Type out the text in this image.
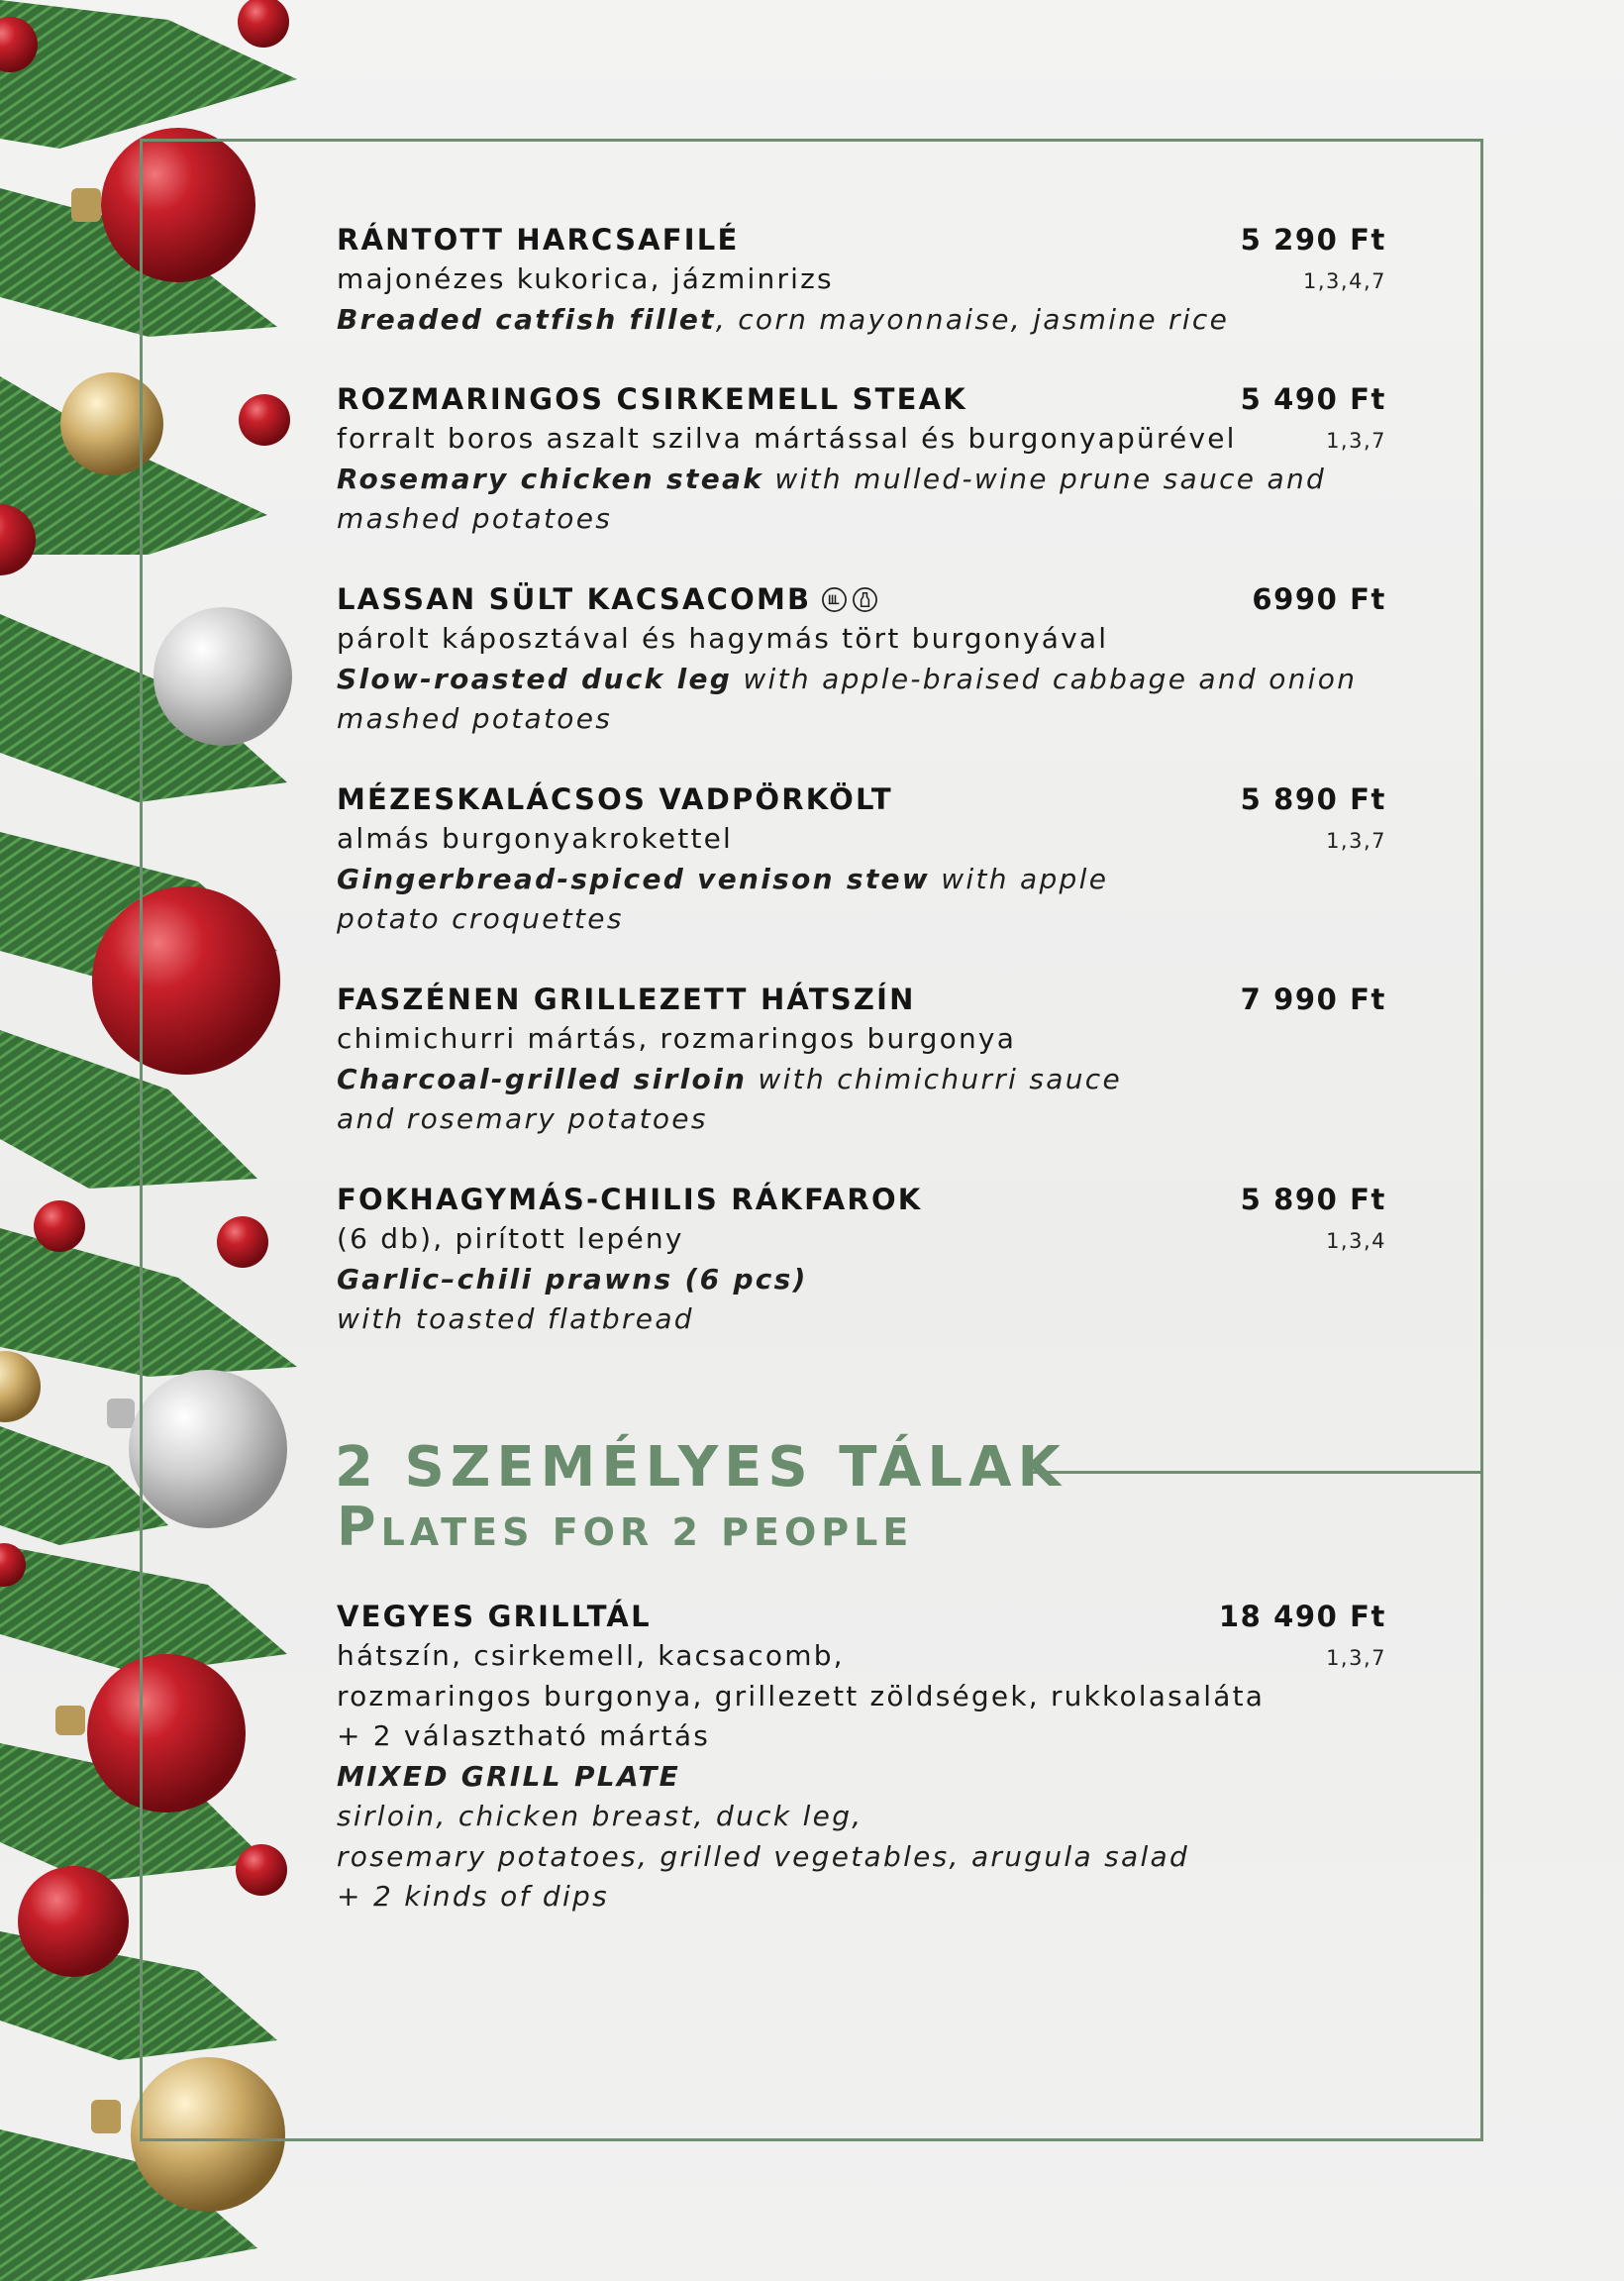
RÁNTOTT HARCSAFILÉ	5 290 Ft
1,3,4,7
majonézes kukorica, jázminrizs
Breaded catfish fillet, corn mayonnaise, jasmine rice
ROZMARINGOS CSIRKEMELL STEAK	5 490 Ft
1,3,7
forralt boros aszalt szilva mártással és burgonyapürével
Rosemary chicken steak with mulled-wine prune sauce and mashed potatoes
LASSAN SÜLT KACSACOMB	6990 Ft
párolt káposztával és hagymás tört burgonyával
Slow-roasted duck leg with apple-braised cabbage and onion mashed potatoes
MÉZESKALÁCSOS VADPÖRKÖLT	5 890 Ft
1,3,7
almás burgonyakrokettel
Gingerbread-spiced venison stew with apple potato croquettes
FASZÉNEN GRILLEZETT HÁTSZÍN	7 990 Ft
chimichurri mártás, rozmaringos burgonya
Charcoal-grilled sirloin with chimichurri sauce and rosemary potatoes
FOKHAGYMÁS-CHILIS RÁKFAROK	5 890 Ft
1,3,4
(6 db), pirított lepény
Garlic–chili prawns (6 pcs)
with toasted flatbread
2 SZEMÉLYES TÁLAK
PLATES FOR 2 PEOPLE
VEGYES GRILLTÁL	18 490 Ft
1,3,7
hátszín, csirkemell, kacsacomb,
rozmaringos burgonya, grillezett zöldségek, rukkolasaláta
+ 2 választható mártás
MIXED GRILL PLATE
sirloin, chicken breast, duck leg,
rosemary potatoes, grilled vegetables, arugula salad
+ 2 kinds of dips
